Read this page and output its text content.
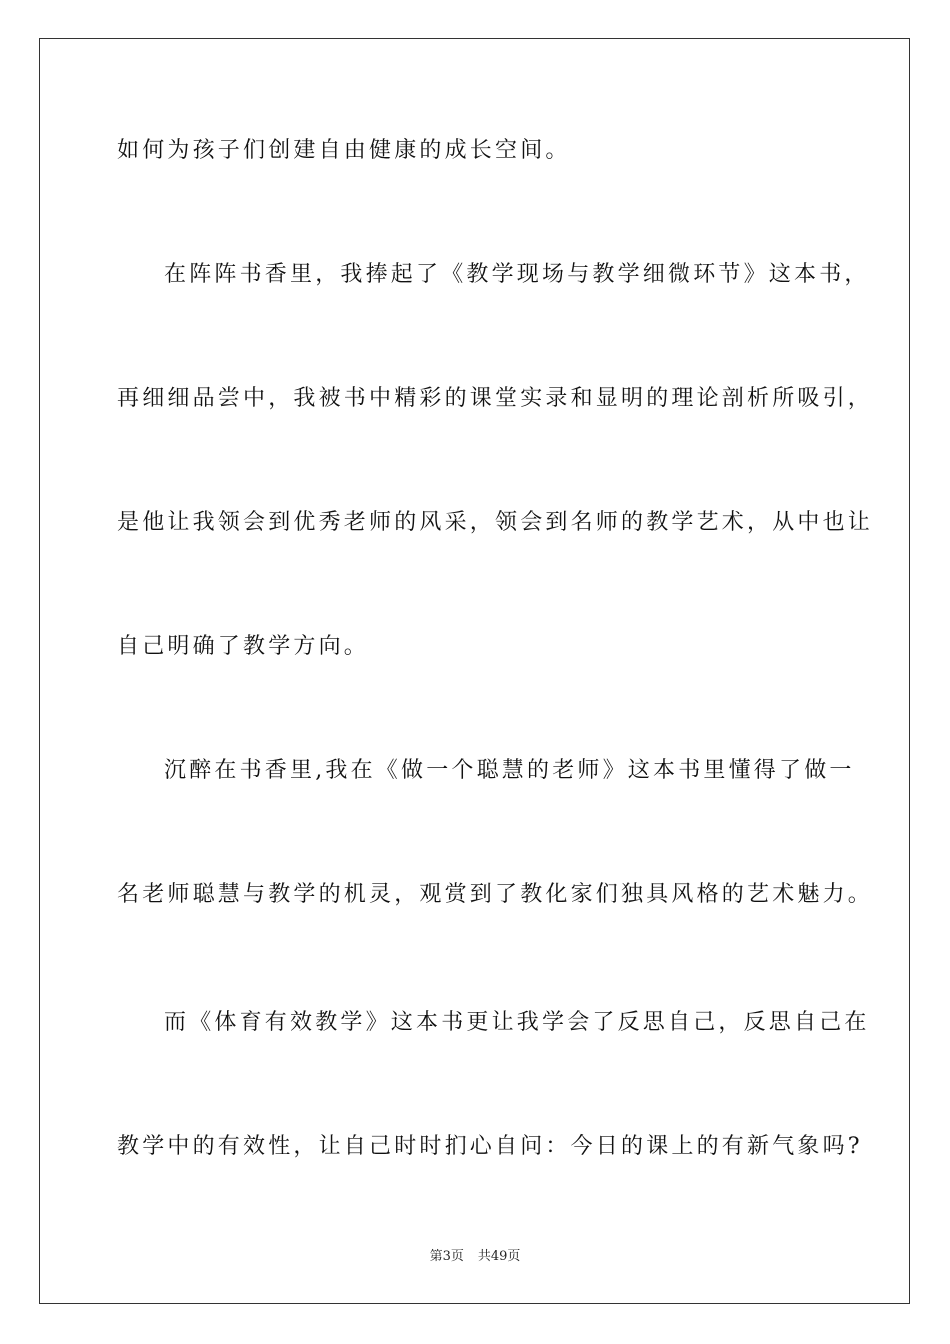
如何为孩子们创建自由健康的成长空间。
在阵阵书香里，我捧起了《教学现场与教学细微环节》这本书，
再细细品尝中，我被书中精彩的课堂实录和显明的理论剖析所吸引，
是他让我领会到优秀老师的风采，领会到名师的教学艺术，从中也让
自己明确了教学方向。
沉醉在书香里,我在《做一个聪慧的老师》这本书里懂得了做一
名老师聪慧与教学的机灵，观赏到了教化家们独具风格的艺术魅力。
而《体育有效教学》这本书更让我学会了反思自己，反思自己在
教学中的有效性，让自己时时扪心自问：今日的课上的有新气象吗?
第3页 共49页
